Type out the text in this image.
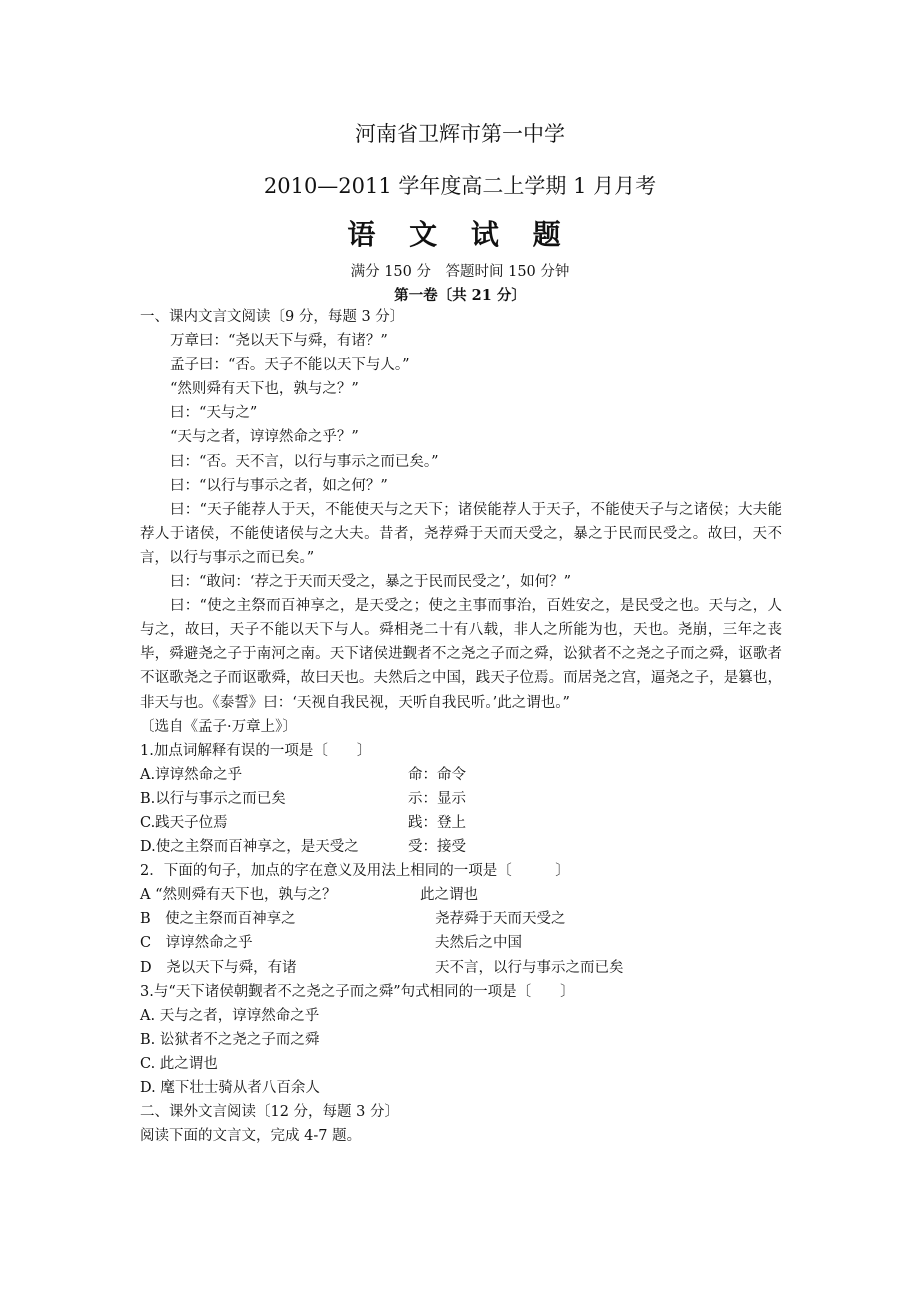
河南省卫辉市第一中学
2010—2011 学年度高二上学期 1 月月考
语 文 试 题
满分 150 分　答题时间 150 分钟
第一卷〔共 21 分〕
一、课内文言文阅读〔9 分，每题 3 分〕
万章曰：“尧以天下与舜，有诸？”
孟子曰：“否。天子不能以天下与人。”
“然则舜有天下也，孰与之？”
曰：“天与之”
“天与之者，谆谆然命之乎？”
曰：“否。天不言，以行与事示之而已矣。”
曰：“以行与事示之者，如之何？”
曰：“天子能荐人于天，不能使天与之天下；诸侯能荐人于天子，不能使天子与之诸侯；大夫能荐人于诸侯，不能使诸侯与之大夫。昔者，尧荐舜于天而天受之，暴之于民而民受之。故曰，天不言，以行与事示之而已矣。”
曰：“敢问：‘荐之于天而天受之，暴之于民而民受之’，如何？”
曰：“使之主祭而百神享之，是天受之；使之主事而事治，百姓安之，是民受之也。天与之，人与之，故曰，天子不能以天下与人。舜相尧二十有八载，非人之所能为也，天也。尧崩，三年之丧毕，舜避尧之子于南河之南。天下诸侯进觐者不之尧之子而之舜，讼狱者不之尧之子而之舜，讴歌者不讴歌尧之子而讴歌舜，故曰天也。夫然后之中国，践天子位焉。而居尧之宫，逼尧之子，是篡也，非天与也。《泰誓》曰：‘天视自我民视，天听自我民听。’此之谓也。”
〔选自《孟子·万章上》〕
1.加点词解释有误的一项是〔　　〕
A.谆谆然命之乎	命：命令
B.以行与事示之而已矣	示：显示
C.践天子位焉	践：登上
D.使之主祭而百神享之，是天受之	受：接受
2．下面的句子，加点的字在意义及用法上相同的一项是〔　　　〕
A “然则舜有天下也，孰与之？	此之谓也
B　使之主祭而百神享之	尧荐舜于天而天受之
C　谆谆然命之乎	夫然后之中国
D　尧以天下与舜，有诸	天不言，以行与事示之而已矣
3.与“天下诸侯朝觐者不之尧之子而之舜”句式相同的一项是〔　　〕
A. 天与之者，谆谆然命之乎
B. 讼狱者不之尧之子而之舜
C. 此之谓也
D. 麾下壮士骑从者八百余人
二、课外文言阅读〔12 分，每题 3 分〕
阅读下面的文言文，完成 4-7 题。
